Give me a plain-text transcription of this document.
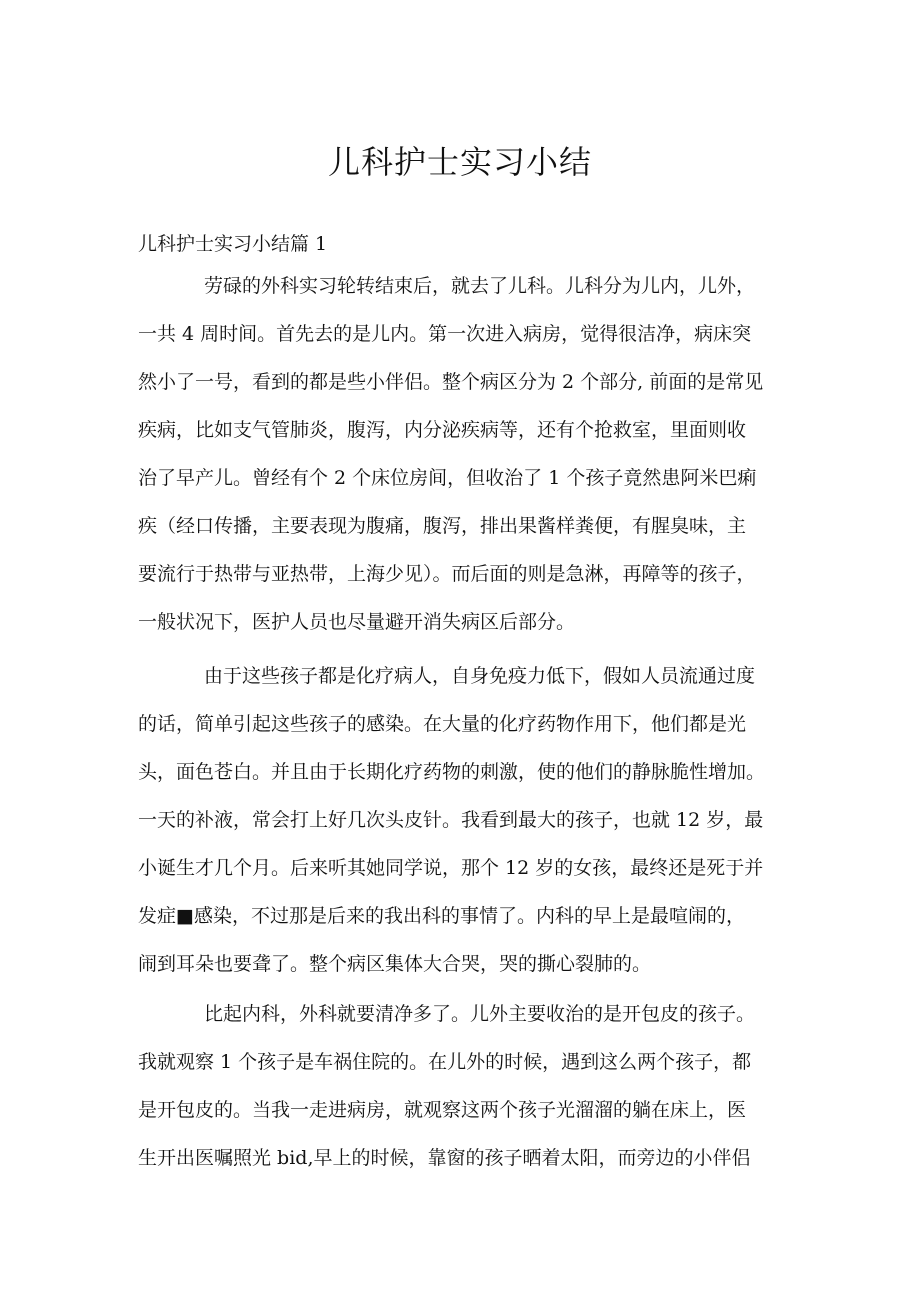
儿科护士实习小结
儿科护士实习小结篇 1
劳碌的外科实习轮转结束后，就去了儿科。儿科分为儿内，儿外，
一共 4 周时间。首先去的是儿内。第一次进入病房，觉得很洁净，病床突
然小了一号，看到的都是些小伴侣。整个病区分为 2 个部分, 前面的是常见
疾病，比如支气管肺炎，腹泻，内分泌疾病等，还有个抢救室，里面则收
治了早产儿。曾经有个 2 个床位房间，但收治了 1 个孩子竟然患阿米巴痢
疾（经口传播，主要表现为腹痛，腹泻，排出果酱样粪便，有腥臭味，主
要流行于热带与亚热带，上海少见）。而后面的则是急淋，再障等的孩子，
一般状况下，医护人员也尽量避开消失病区后部分。
由于这些孩子都是化疗病人，自身免疫力低下，假如人员流通过度
的话，简单引起这些孩子的感染。在大量的化疗药物作用下，他们都是光
头，面色苍白。并且由于长期化疗药物的刺激，使的他们的静脉脆性增加。
一天的补液，常会打上好几次头皮针。我看到最大的孩子，也就 12 岁，最
小诞生才几个月。后来听其她同学说，那个 12 岁的女孩，最终还是死于并
发症■感染，不过那是后来的我出科的事情了。内科的早上是最喧闹的，
闹到耳朵也要聋了。整个病区集体大合哭，哭的撕心裂肺的。
比起内科，外科就要清净多了。儿外主要收治的是开包皮的孩子。
我就观察 1 个孩子是车祸住院的。在儿外的时候，遇到这么两个孩子，都
是开包皮的。当我一走进病房，就观察这两个孩子光溜溜的躺在床上，医
生开出医嘱照光 bid,早上的时候，靠窗的孩子晒着太阳，而旁边的小伴侣
